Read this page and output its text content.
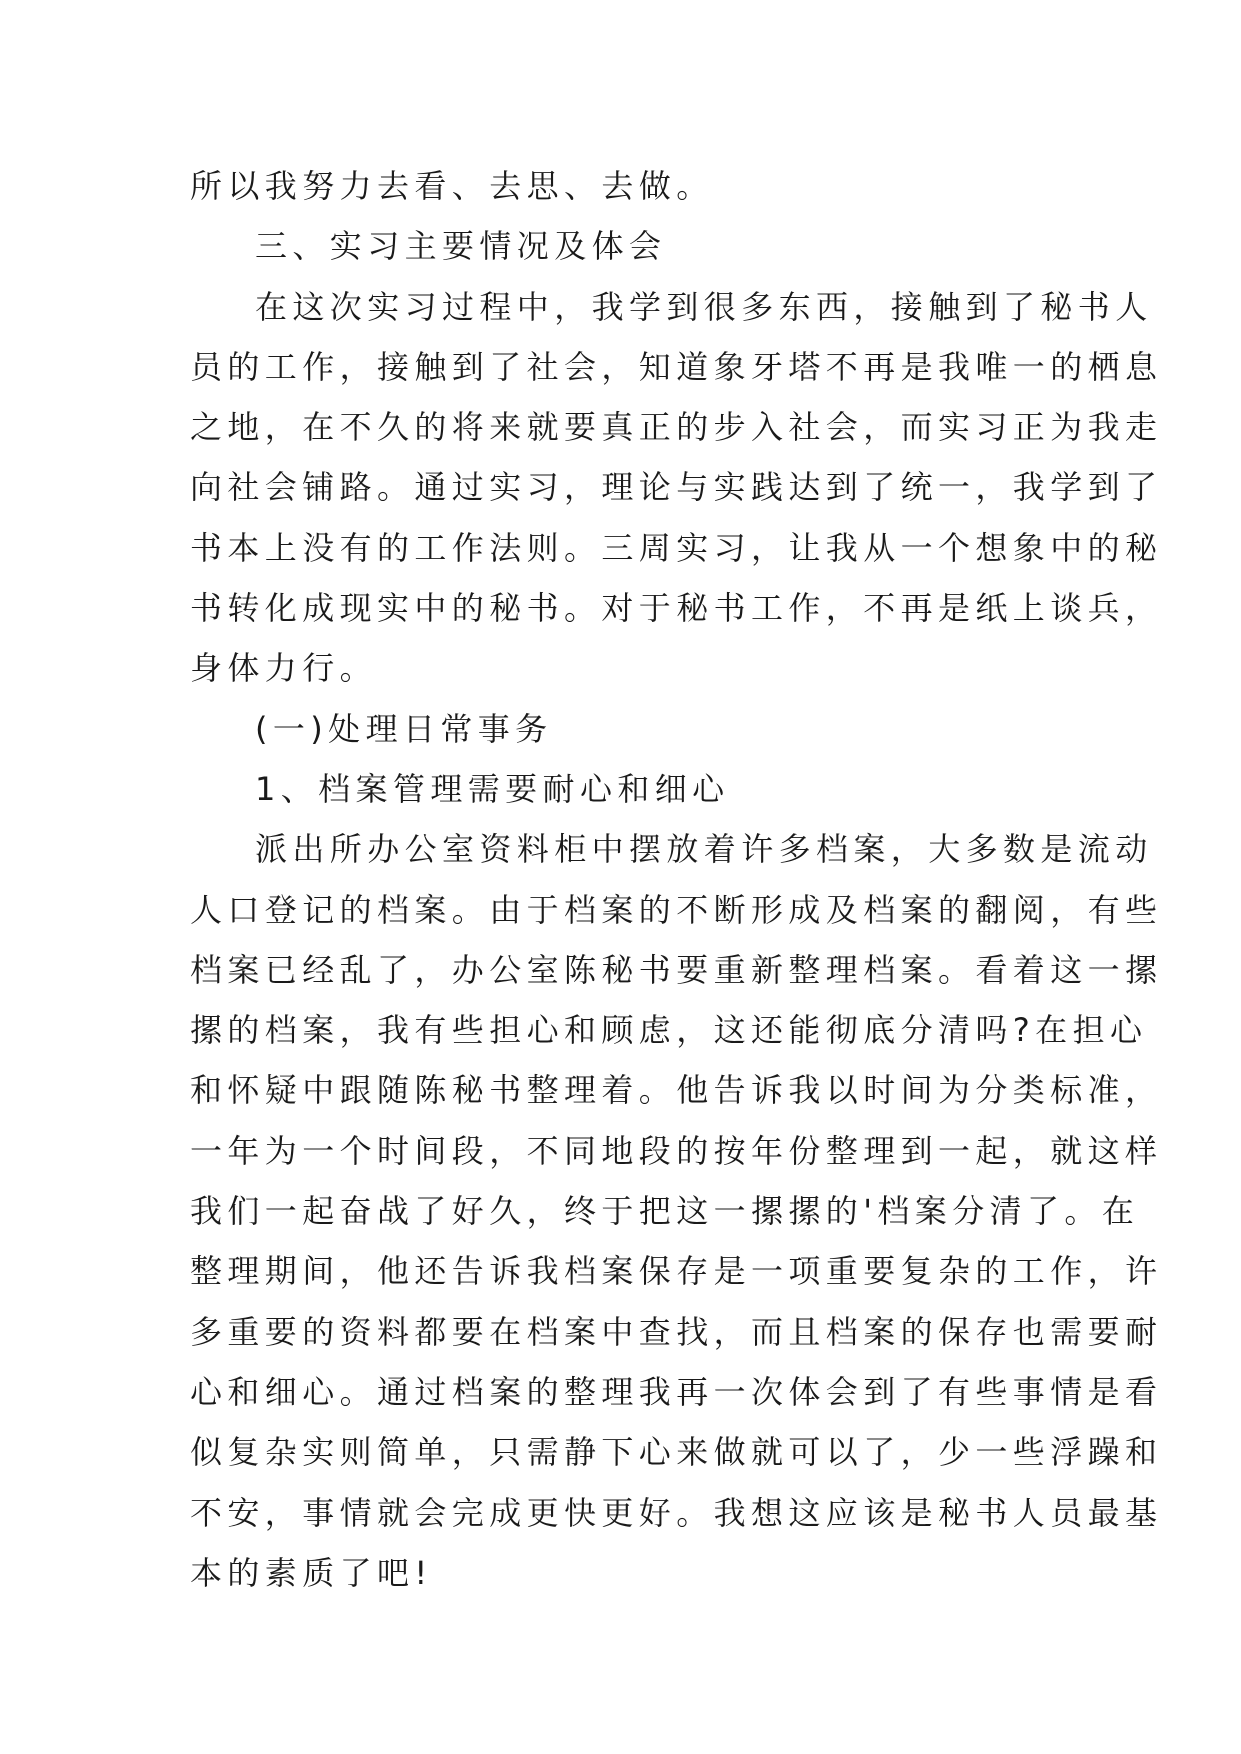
所以我努力去看、去思、去做。

三、实习主要情况及体会

在这次实习过程中，我学到很多东西，接触到了秘书人

员的工作，接触到了社会，知道象牙塔不再是我唯一的栖息

之地，在不久的将来就要真正的步入社会，而实习正为我走

向社会铺路。通过实习，理论与实践达到了统一，我学到了

书本上没有的工作法则。三周实习，让我从一个想象中的秘

书转化成现实中的秘书。对于秘书工作，不再是纸上谈兵，

身体力行。

(一)处理日常事务

1、档案管理需要耐心和细心

派出所办公室资料柜中摆放着许多档案，大多数是流动

人口登记的档案。由于档案的不断形成及档案的翻阅，有些

档案已经乱了，办公室陈秘书要重新整理档案。看着这一摞

摞的档案，我有些担心和顾虑，这还能彻底分清吗?在担心

和怀疑中跟随陈秘书整理着。他告诉我以时间为分类标准，

一年为一个时间段，不同地段的按年份整理到一起，就这样

我们一起奋战了好久，终于把这一摞摞的'档案分清了。在

整理期间，他还告诉我档案保存是一项重要复杂的工作，许

多重要的资料都要在档案中查找，而且档案的保存也需要耐

心和细心。通过档案的整理我再一次体会到了有些事情是看

似复杂实则简单，只需静下心来做就可以了，少一些浮躁和

不安，事情就会完成更快更好。我想这应该是秘书人员最基

本的素质了吧!
